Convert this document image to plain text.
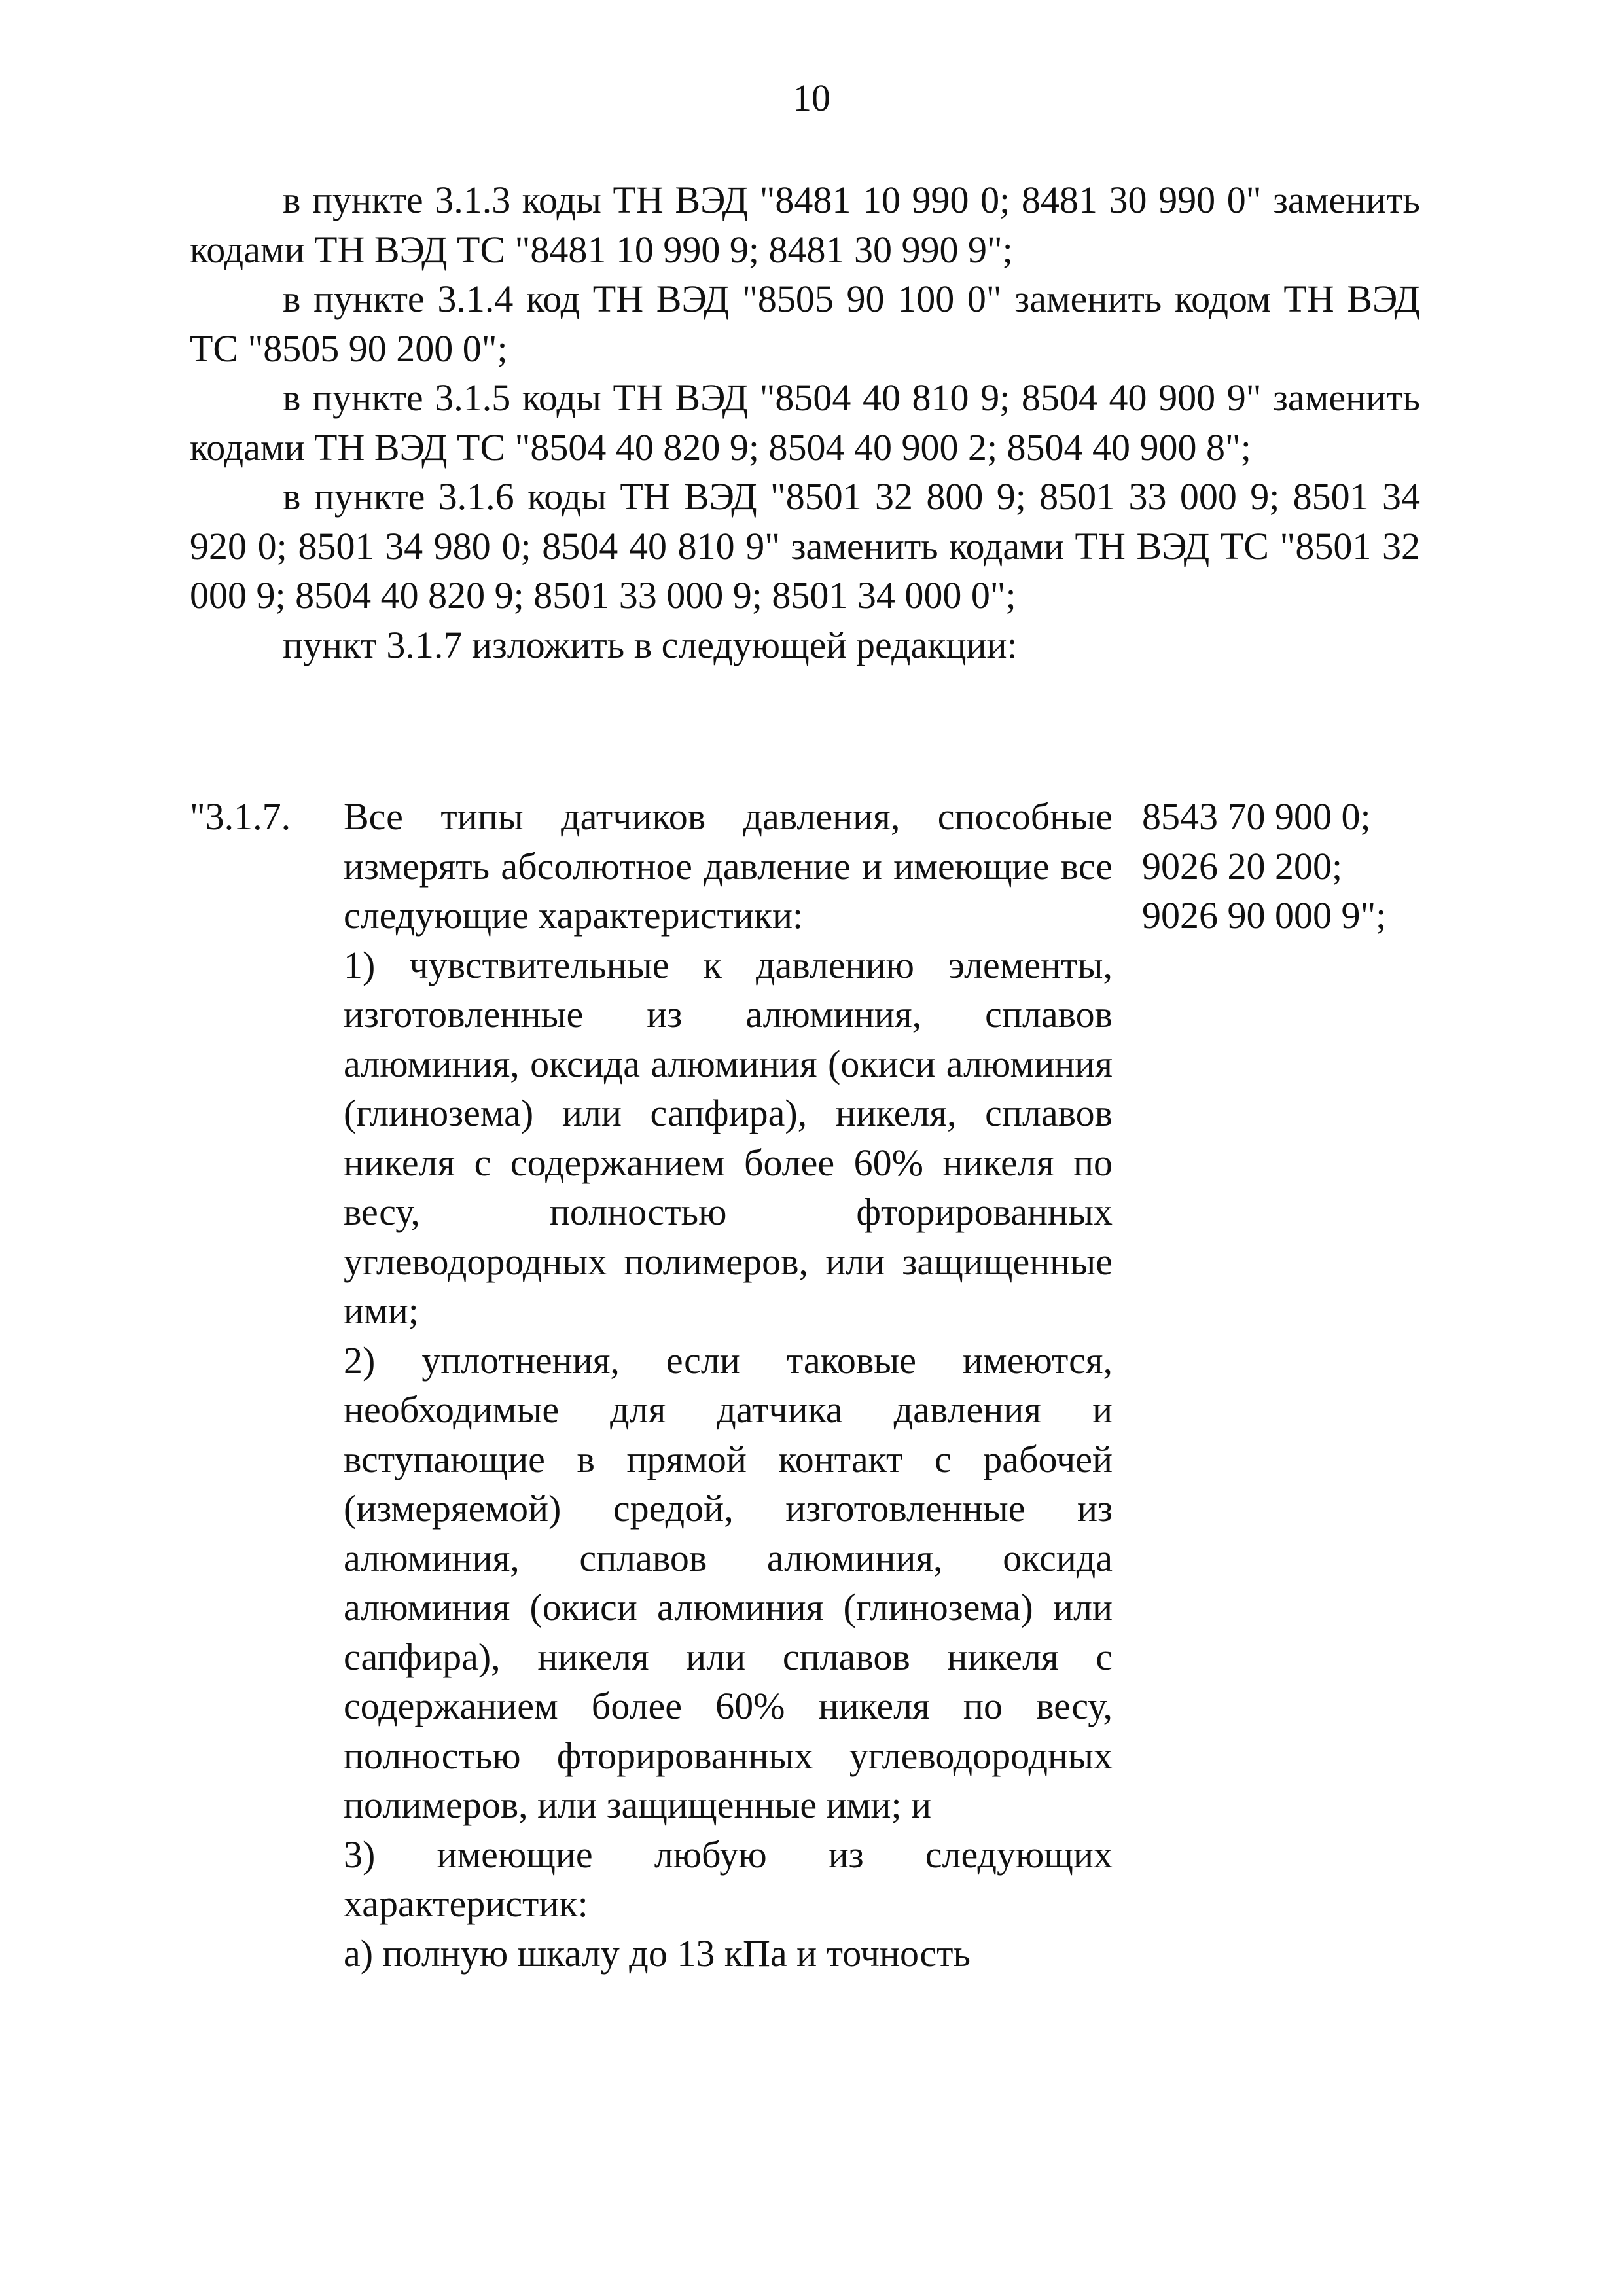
10

в пункте 3.1.3 коды ТН ВЭД "8481 10 990 0; 8481 30 990 0" заменить кодами ТН ВЭД ТС "8481 10 990 9; 8481 30 990 9";

в пункте 3.1.4 код ТН ВЭД "8505 90 100 0" заменить кодом ТН ВЭД ТС "8505 90 200 0";

в пункте 3.1.5 коды ТН ВЭД "8504 40 810 9; 8504 40 900 9" заменить кодами ТН ВЭД ТС "8504 40 820 9; 8504 40 900 2; 8504 40 900 8";

в пункте 3.1.6 коды ТН ВЭД "8501 32 800 9; 8501 33 000 9; 8501 34 920 0; 8501 34 980 0; 8504 40 810 9" заменить кодами ТН ВЭД ТС "8501 32 000 9; 8504 40 820 9; 8501 33 000 9; 8501 34 000 0";

пункт 3.1.7 изложить в следующей редакции:

"3.1.7. Все типы датчиков давления, способные измерять абсолютное давление и имеющие все следующие характеристики:

1) чувствительные к давлению элементы, изготовленные из алюминия, сплавов алюминия, оксида алюминия (окиси алюминия (глинозема) или сапфира), никеля, сплавов никеля с содержанием более 60% никеля по весу, полностью фторированных углеводородных полимеров, или защищенные ими;

2) уплотнения, если таковые имеются, необходимые для датчика давления и вступающие в прямой контакт с рабочей (измеряемой) средой, изготовленные из алюминия, сплавов алюминия, оксида алюминия (окиси алюминия (глинозема) или сапфира), никеля или сплавов никеля с содержанием более 60% никеля по весу, полностью фторированных углеводородных полимеров, или защищенные ими; и

3) имеющие любую из следующих характеристик:

а) полную шкалу до 13 кПа и точность

8543 70 900 0;
9026 20 200;
9026 90 000 9";
